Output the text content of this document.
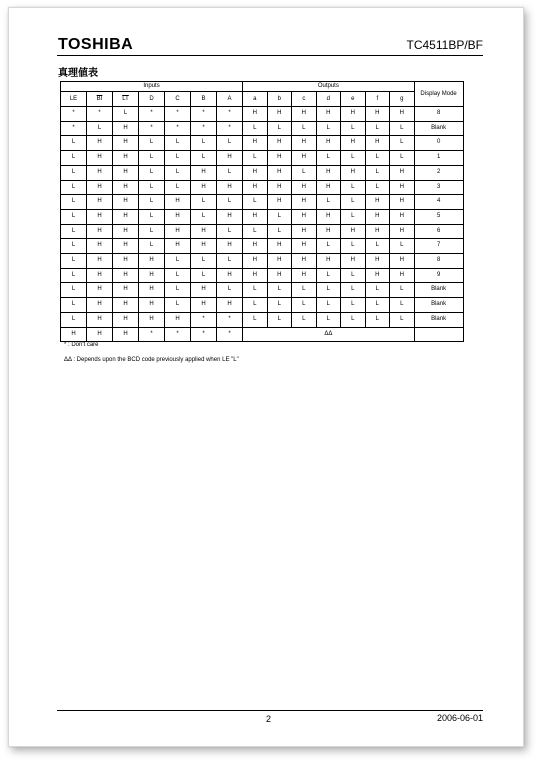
TOSHIBA	TC4511BP/BF
真理値表
Inputs							Outputs							Display Mode
LE	$\overline{BI}$	$\overline{LT}$	D	C	B	A	a	b	c	d	e	f	g	
*	*	L	*	*	*	*	H	H	H	H	H	H	H	8
*	L	H	*	*	*	*	L	L	L	L	L	L	L	Blank
L	H	H	L	L	L	L	H	H	H	H	H	H	L	0
L	H	H	L	L	L	H	L	H	H	L	L	L	L	1
L	H	H	L	L	H	L	H	H	L	H	H	L	H	2
L	H	H	L	L	H	H	H	H	H	H	L	L	H	3
L	H	H	L	H	L	L	L	H	H	L	L	H	H	4
L	H	H	L	H	L	H	H	L	H	H	L	H	H	5
L	H	H	L	H	H	L	L	L	H	H	H	H	H	6
L	H	H	L	H	H	H	H	H	H	L	L	L	L	7
L	H	H	H	L	L	L	H	H	H	H	H	H	H	8
L	H	H	H	L	L	H	H	H	H	L	L	H	H	9
L	H	H	H	L	H	L	L	L	L	L	L	L	L	Blank
L	H	H	H	L	H	H	L	L	L	L	L	L	L	Blank
L	H	H	H	H	*	*	L	L	L	L	L	L	L	Blank
H	H	H	*	*	*	*	ΔΔ							
* : Don't care
ΔΔ : Depends upon the BCD code previously applied when LE "L"
2	2006-06-01
